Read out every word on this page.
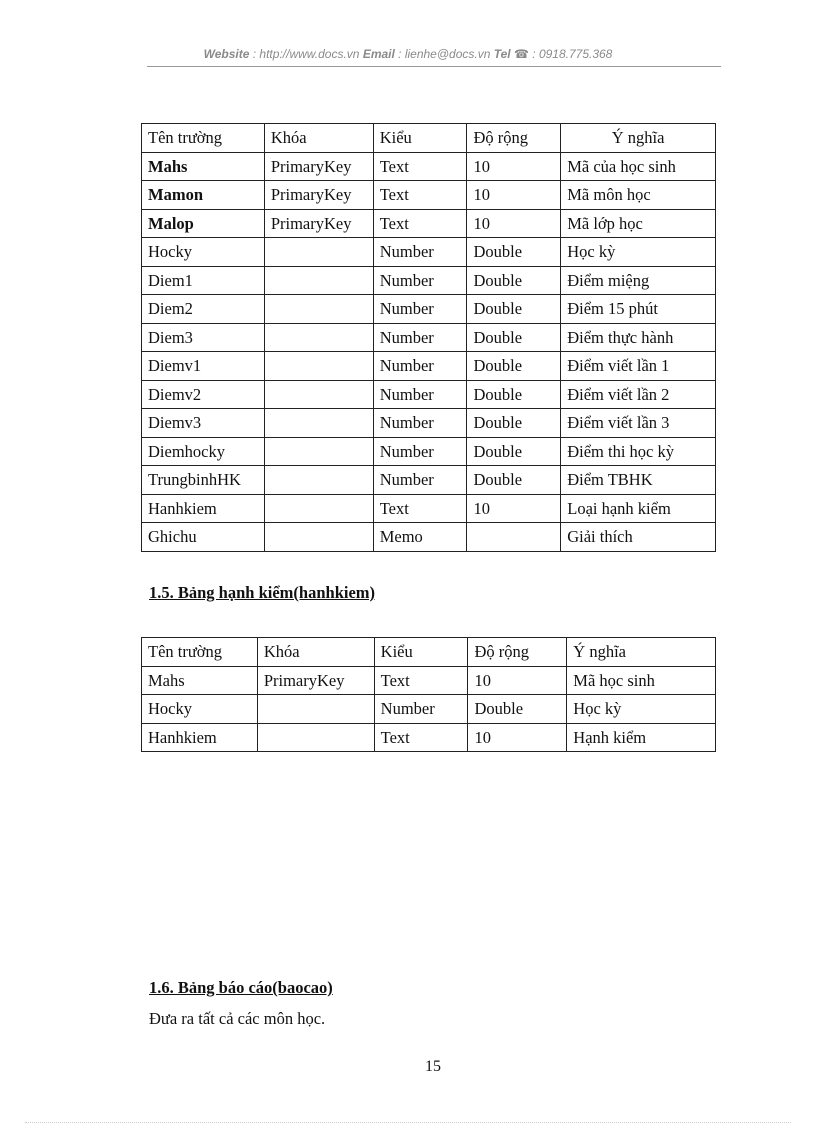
Website : http://www.docs.vn Email : lienhe@docs.vn Tel ☎ : 0918.775.368
Tên trường	Khóa	Kiểu	Độ rộng	Ý nghĩa
Mahs	PrimaryKey	Text	10	Mã của học sinh
Mamon	PrimaryKey	Text	10	Mã môn học
Malop	PrimaryKey	Text	10	Mã lớp học
Hocky		Number	Double	Học kỳ
Diem1		Number	Double	Điểm miệng
Diem2		Number	Double	Điểm 15 phút
Diem3		Number	Double	Điểm thực hành
Diemv1		Number	Double	Điểm viết lần 1
Diemv2		Number	Double	Điểm viết lần 2
Diemv3		Number	Double	Điểm viết lần 3
Diemhocky		Number	Double	Điểm thi học kỳ
TrungbinhHK		Number	Double	Điểm TBHK
Hanhkiem		Text	10	Loại hạnh kiểm
Ghichu		Memo		Giải thích
1.5. Bảng hạnh kiểm(hanhkiem)
Tên trường	Khóa	Kiểu	Độ rộng	Ý nghĩa
Mahs	PrimaryKey	Text	10	Mã học sinh
Hocky		Number	Double	Học kỳ
Hanhkiem		Text	10	Hạnh kiểm
1.6. Bảng báo cáo(baocao)
Đưa ra tất cả các môn học.
15
